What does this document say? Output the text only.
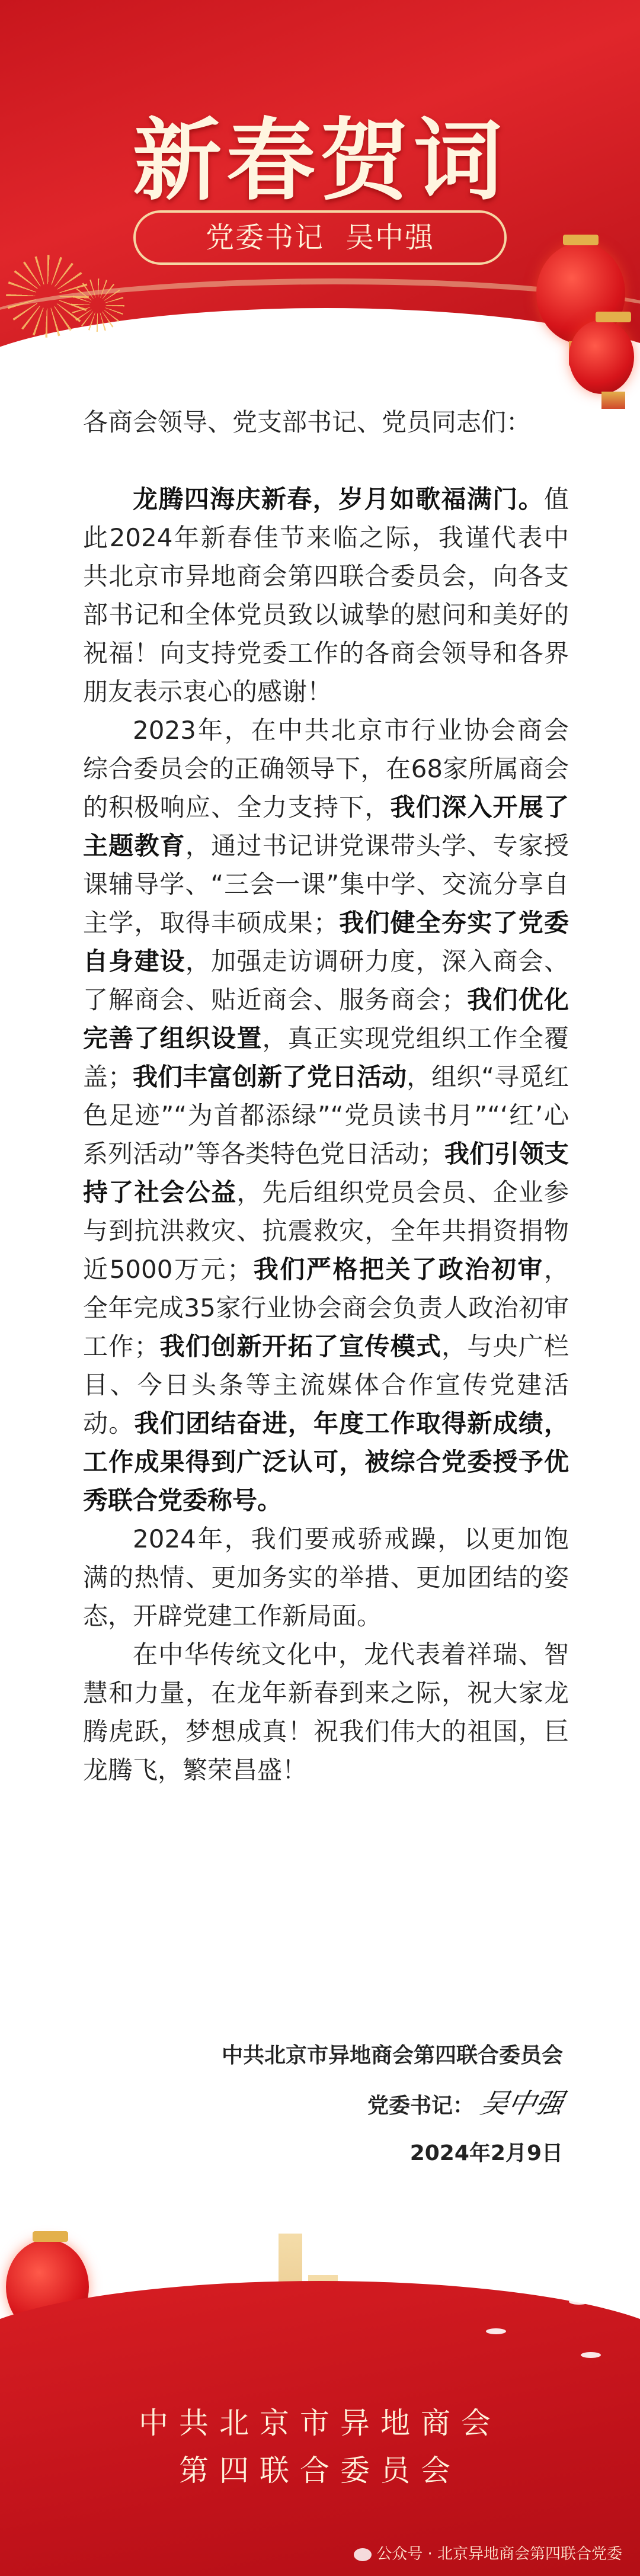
新春贺词
党委书记 吴中强

各商会领导、党支部书记、党员同志们：

龙腾四海庆新春，岁月如歌福满门。值此2024年新春佳节来临之际，我谨代表中共北京市异地商会第四联合委员会，向各支部书记和全体党员致以诚挚的慰问和美好的祝福！向支持党委工作的各商会领导和各界朋友表示衷心的感谢！

2023年，在中共北京市行业协会商会综合委员会的正确领导下，在68家所属商会的积极响应、全力支持下，我们深入开展了主题教育，通过书记讲党课带头学、专家授课辅导学、“三会一课”集中学、交流分享自主学，取得丰硕成果；我们健全夯实了党委自身建设，加强走访调研力度，深入商会、了解商会、贴近商会、服务商会；我们优化完善了组织设置，真正实现党组织工作全覆盖；我们丰富创新了党日活动，组织“寻觅红色足迹”“为首都添绿”“党员读书月”“‘红’心系列活动”等各类特色党日活动；我们引领支持了社会公益，先后组织党员会员、企业参与到抗洪救灾、抗震救灾，全年共捐资捐物近5000万元；我们严格把关了政治初审，全年完成35家行业协会商会负责人政治初审工作；我们创新开拓了宣传模式，与央广栏目、今日头条等主流媒体合作宣传党建活动。我们团结奋进，年度工作取得新成绩，工作成果得到广泛认可，被综合党委授予优秀联合党委称号。

2024年，我们要戒骄戒躁，以更加饱满的热情、更加务实的举措、更加团结的姿态，开辟党建工作新局面。

在中华传统文化中，龙代表着祥瑞、智慧和力量，在龙年新春到来之际，祝大家龙腾虎跃，梦想成真！祝我们伟大的祖国，巨龙腾飞，繁荣昌盛！

中共北京市异地商会第四联合委员会
党委书记： 吴中强
2024年2月9日
中共北京市异地商会
第四联合委员会
公众号 · 北京异地商会第四联合党委
